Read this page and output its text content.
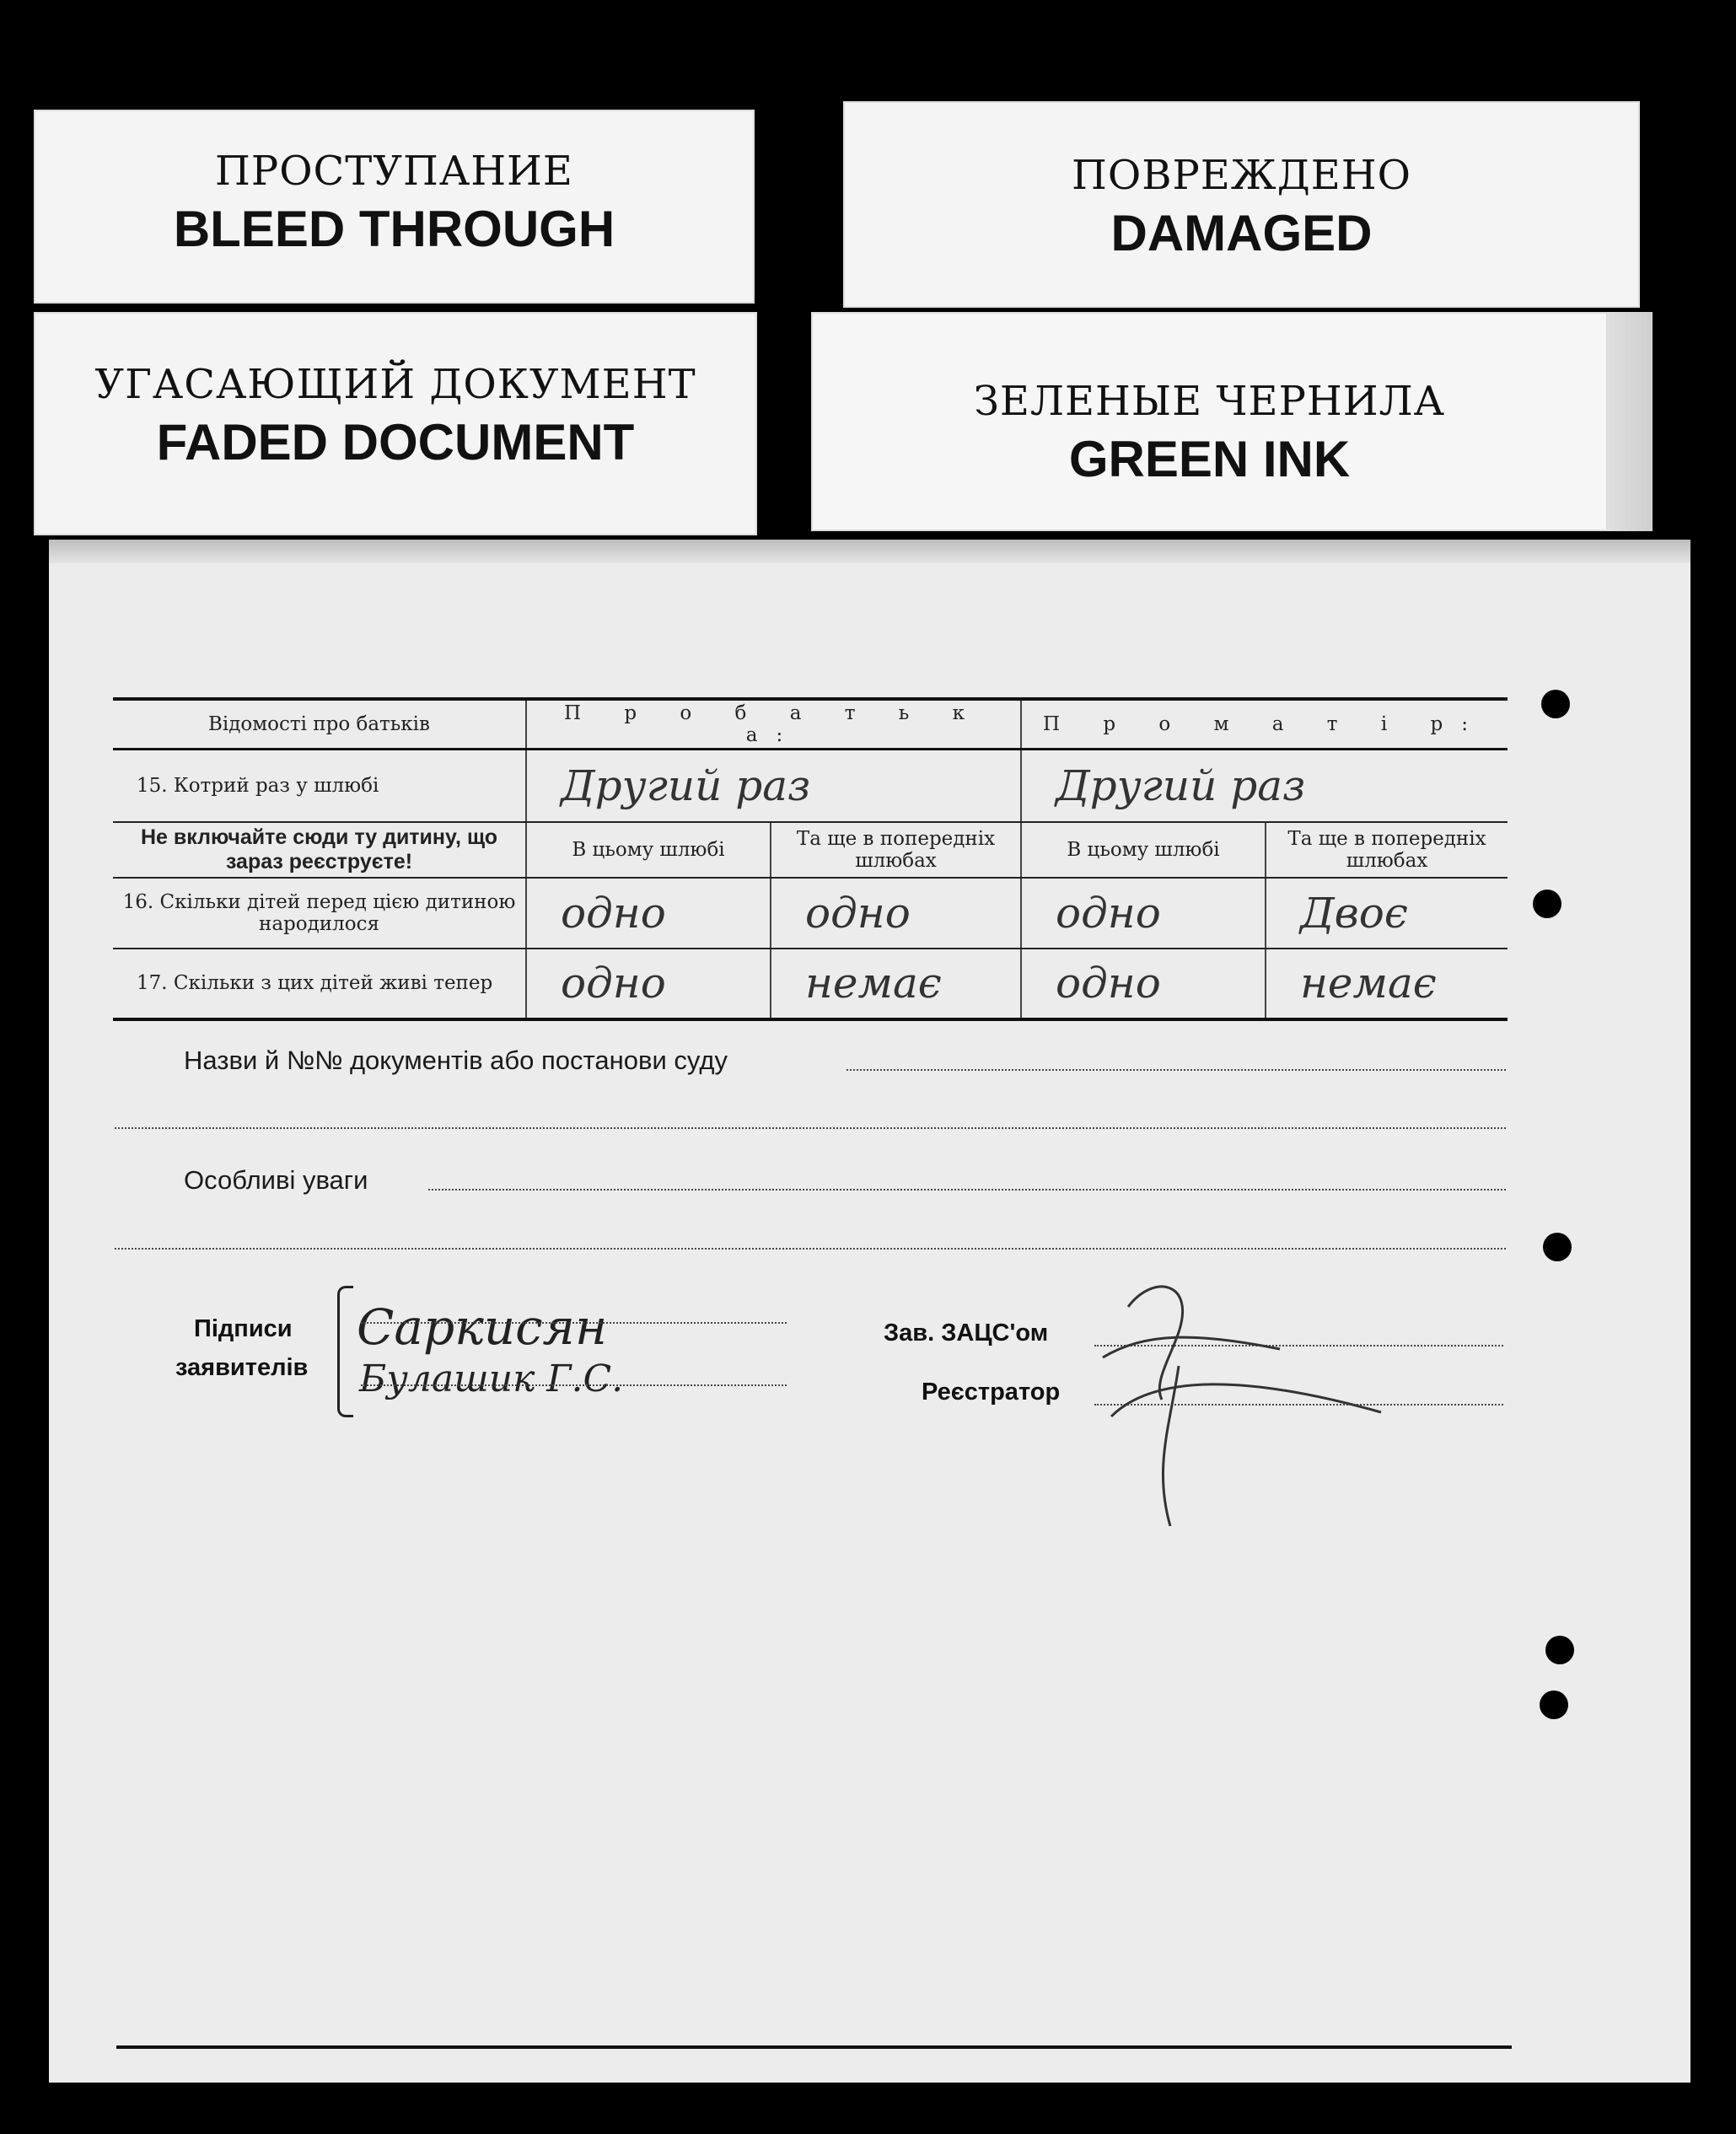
ПРОСТУПАНИЕ
BLEED THROUGH
ПОВРЕЖДЕНО
DAMAGED
УГАСАЮЩИЙ ДОКУМЕНТ
FADED DOCUMENT
ЗЕЛЕНЫЕ ЧЕРНИЛА
GREEN INK
Відомості про батьків	П р о б а т ь к а:		П р о м а т і р:	
15. Котрий раз у шлюбі	Другий раз		Другий раз	
Не включайте сюди ту дитину, що зараз реєструєте!	В цьому шлюбі	Та ще в попередніх шлюбах	В цьому шлюбі	Та ще в попередніх шлюбах
16. Скільки дітей перед цією дитиною народилося	одно	одно	одно	Двоє
17. Скільки з цих дітей живі тепер	одно	немає	одно	немає
Назви й №№ документів або постанови суду
Особливі уваги
Підписи
заявителів
Саркисян
Булашик Г.С.
Зав. ЗАЦС'ом
Реєстратор
